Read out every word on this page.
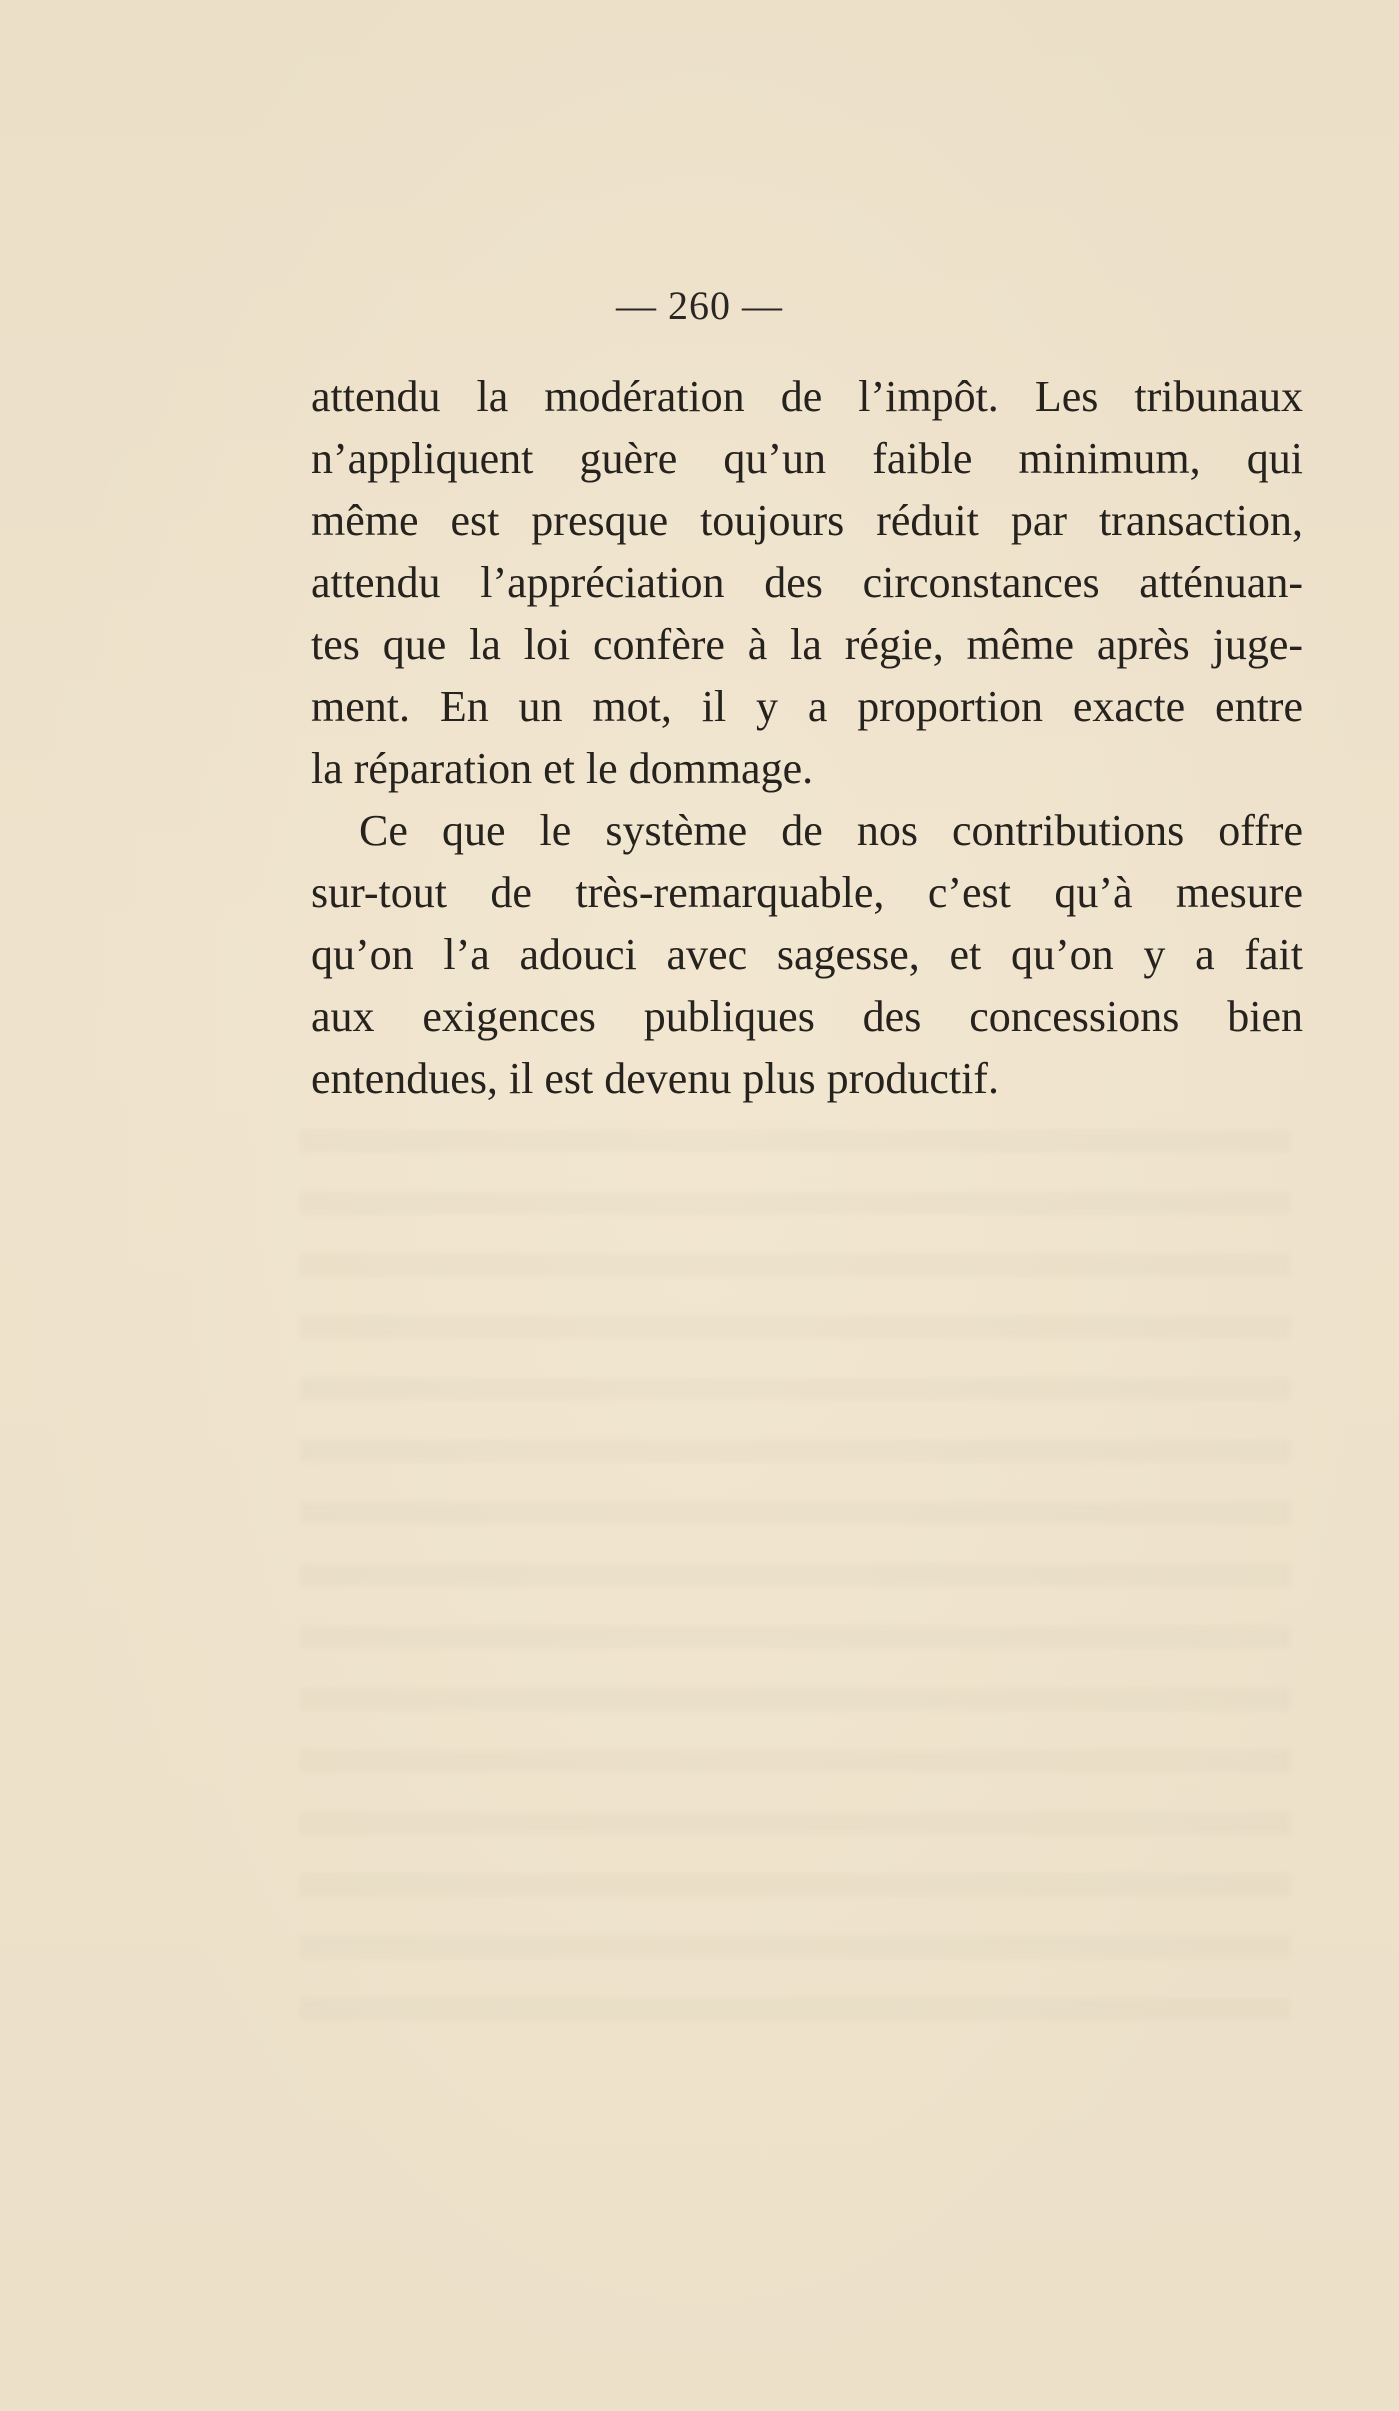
— 260 —
attendu la modération de l’impôt. Les tribunaux
n’appliquent guère qu’un faible minimum, qui
même est presque toujours réduit par transaction,
attendu l’appréciation des circonstances atténuan-
tes que la loi confère à la régie, même après juge-
ment. En un mot, il y a proportion exacte entre
la réparation et le dommage.
Ce que le système de nos contributions offre
sur-tout de très-remarquable, c’est qu’à mesure
qu’on l’a adouci avec sagesse, et qu’on y a fait
aux exigences publiques des concessions bien
entendues, il est devenu plus productif.
